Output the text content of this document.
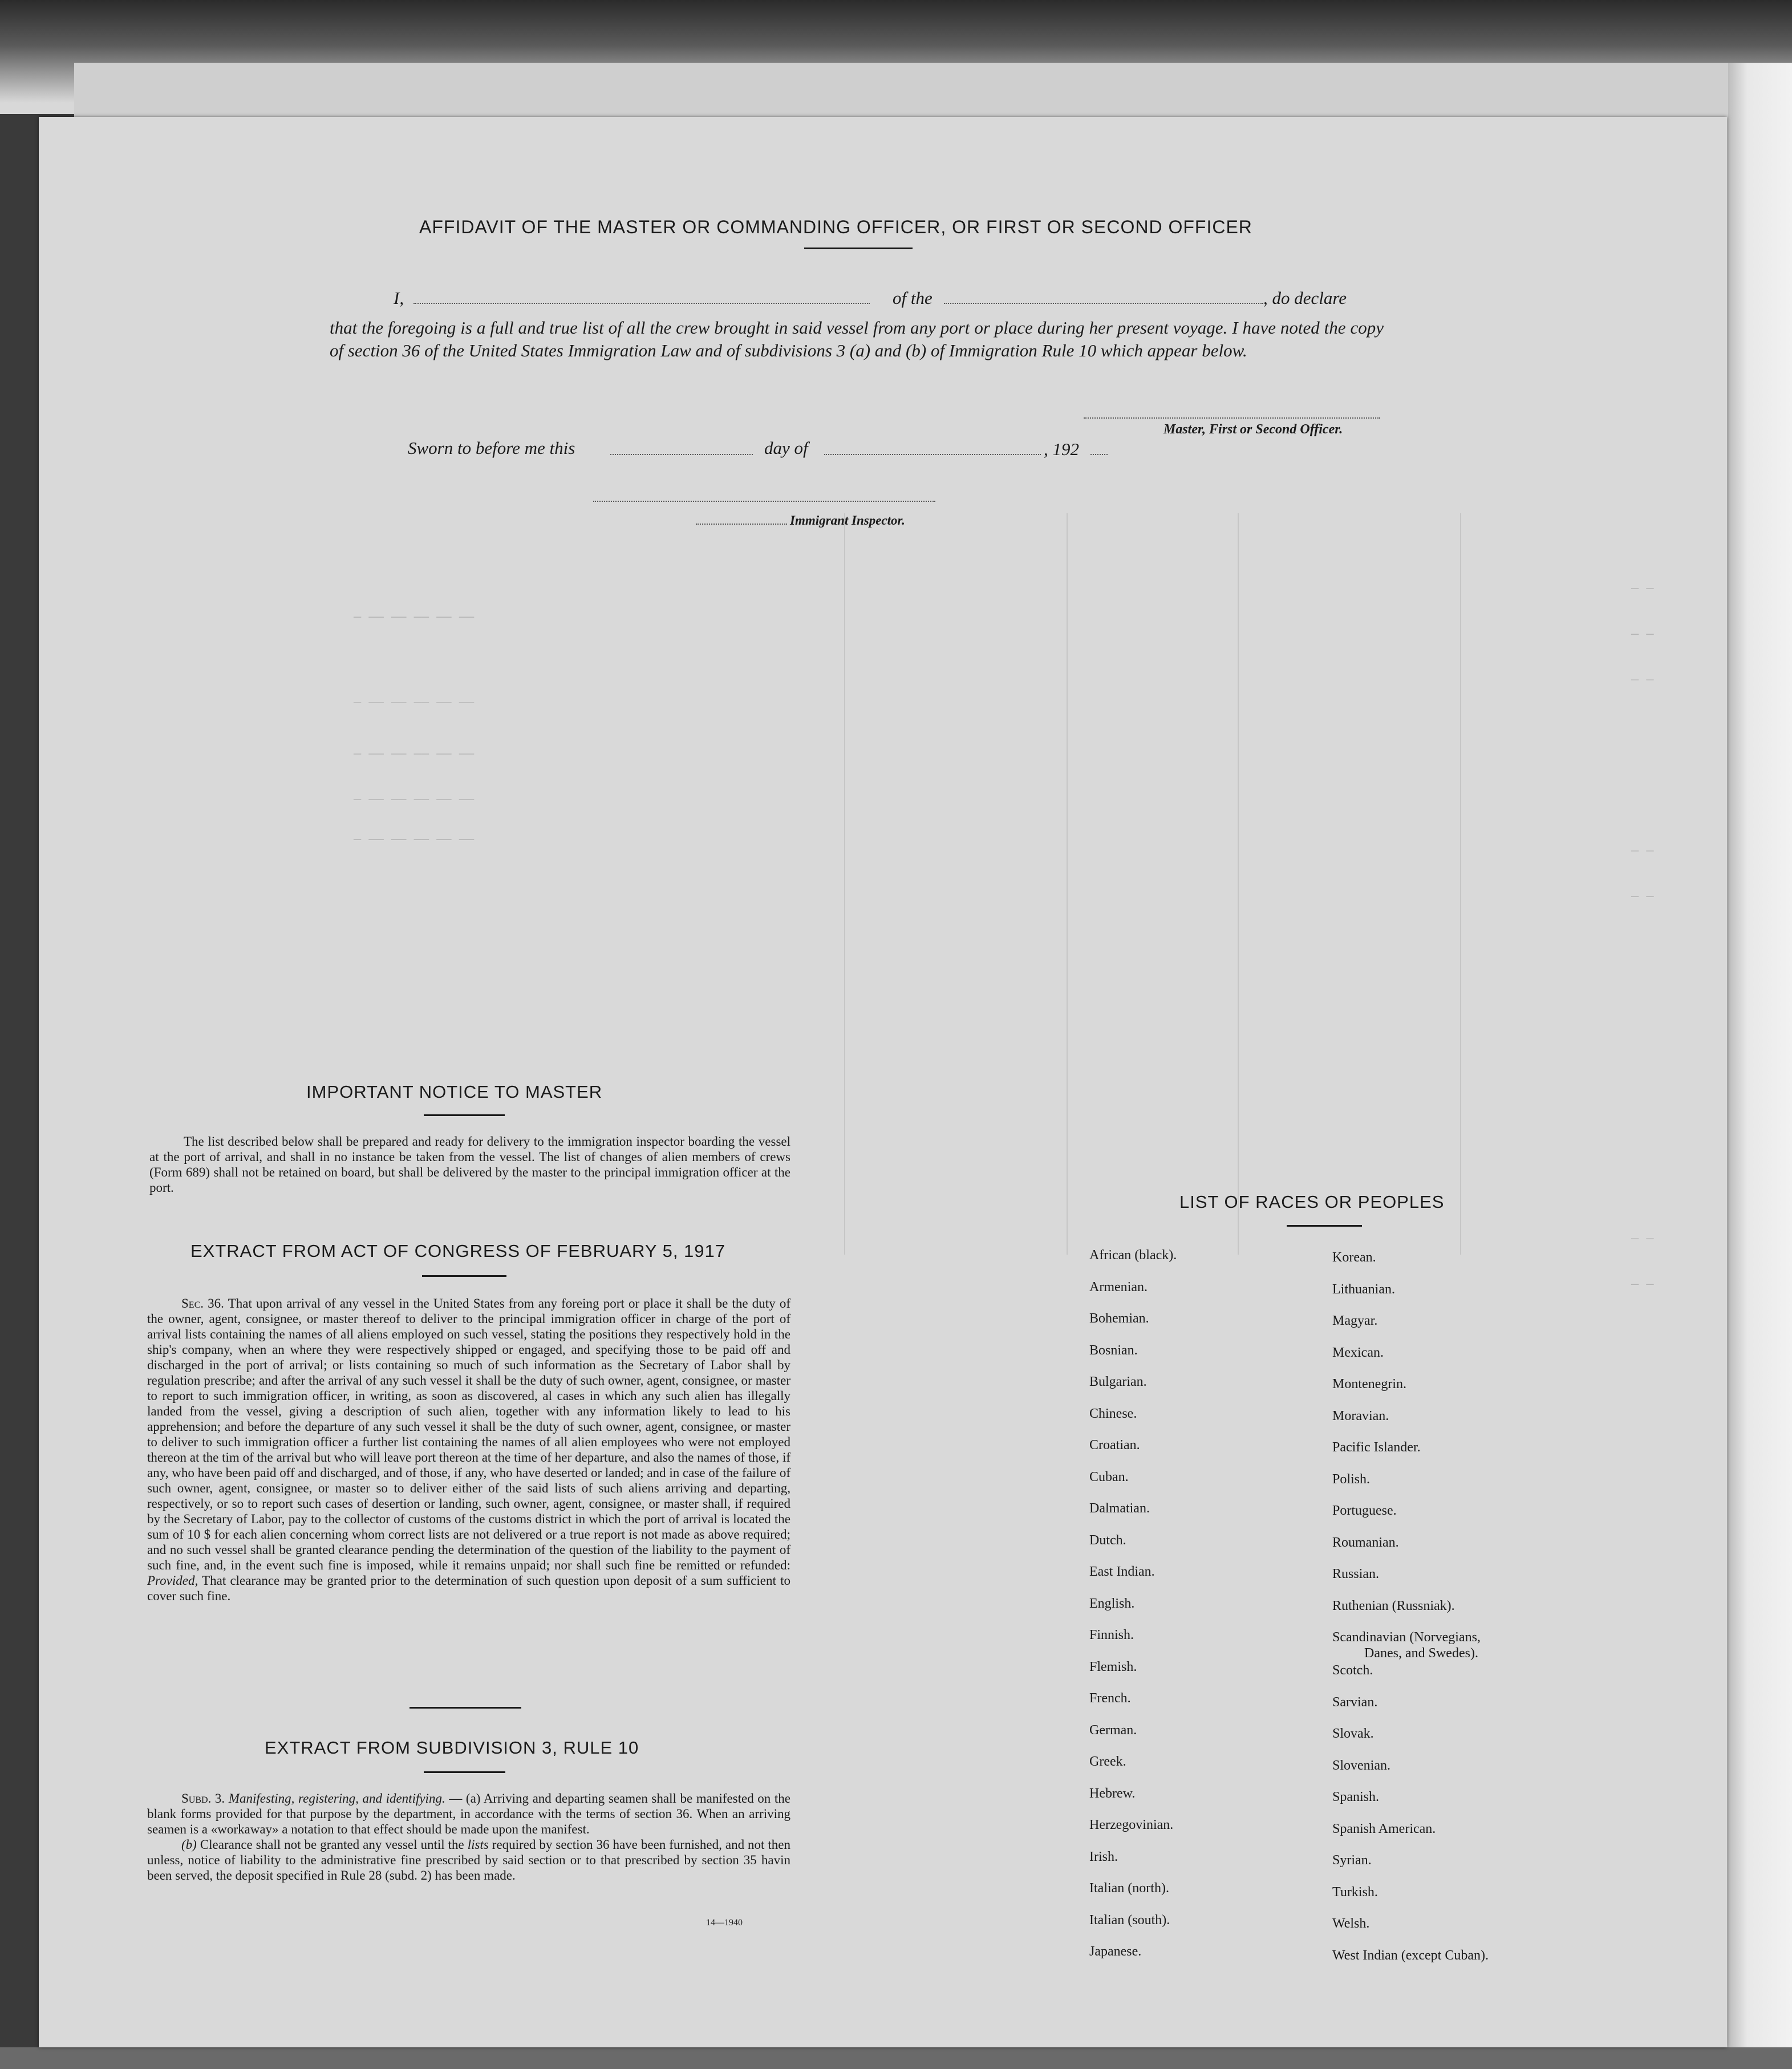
— —— —— —— —— ——
— —— —— —— —— ——
— —— —— —— —— ——
— —— —— —— —— ——
— —— —— —— —— ——
— —
— —
— —
— —
— —
— —
— —
AFFIDAVIT OF THE MASTER OR COMMANDING OFFICER, OR FIRST OR SECOND OFFICER
I,	of the	, do declare
that the foregoing is a full and true list of all the crew brought in said vessel from any port or place during her present voyage. I have noted the copy of section 36 of the United States Immigration Law and of subdivisions 3 (a) and (b) of Immigration Rule 10 which appear below.
Master, First or Second Officer.
Sworn to before me this	day of	, 192
Immigrant Inspector.
IMPORTANT NOTICE TO MASTER
The list described below shall be prepared and ready for delivery to the immigration inspector boarding the vessel at the port of arrival, and shall in no instance be taken from the vessel. The list of changes of alien members of crews (Form 689) shall not be retained on board, but shall be delivered by the master to the principal immigration officer at the port.
EXTRACT FROM ACT OF CONGRESS OF FEBRUARY 5, 1917
Sec. 36. That upon arrival of any vessel in the United States from any foreing port or place it shall be the duty of the owner, agent, consignee, or master thereof to deliver to the principal immigration officer in charge of the port of arrival lists containing the names of all aliens employed on such vessel, stating the positions they respectively hold in the ship's company, when an where they were respectively shipped or engaged, and specifying those to be paid off and discharged in the port of arrival; or lists containing so much of such information as the Secretary of Labor shall by regulation prescribe; and after the arrival of any such vessel it shall be the duty of such owner, agent, consignee, or master to report to such immigration officer, in writing, as soon as discovered, al cases in which any such alien has illegally landed from the vessel, giving a description of such alien, together with any information likely to lead to his apprehension; and before the departure of any such vessel it shall be the duty of such owner, agent, consignee, or master to deliver to such immigration officer a further list containing the names of all alien employees who were not employed thereon at the tim of the arrival but who will leave port thereon at the time of her departure, and also the names of those, if any, who have been paid off and discharged, and of those, if any, who have deserted or landed; and in case of the failure of such owner, agent, consignee, or master so to deliver either of the said lists of such aliens arriving and departing, respectively, or so to report such cases of desertion or landing, such owner, agent, consignee, or master shall, if required by the Secretary of Labor, pay to the collector of customs of the customs district in which the port of arrival is located the sum of 10 $ for each alien concerning whom correct lists are not delivered or a true report is not made as above required; and no such vessel shall be granted clearance pending the determination of the question of the liability to the payment of such fine, and, in the event such fine is imposed, while it remains unpaid; nor shall such fine be remitted or refunded: Provided, That clearance may be granted prior to the determination of such question upon deposit of a sum sufficient to cover such fine.
EXTRACT FROM SUBDIVISION 3, RULE 10
Subd. 3. Manifesting, registering, and identifying. — (a) Arriving and departing seamen shall be manifested on the blank forms provided for that purpose by the department, in accordance with the terms of section 36. When an arriving seamen is a «workaway» a notation to that effect should be made upon the manifest.
(b) Clearance shall not be granted any vessel until the lists required by section 36 have been furnished, and not then unless, notice of liability to the administrative fine prescribed by said section or to that prescribed by section 35 havin been served, the deposit specified in Rule 28 (subd. 2) has been made.
14—1940
LIST OF RACES OR PEOPLES
African (black).
Armenian.
Bohemian.
Bosnian.
Bulgarian.
Chinese.
Croatian.
Cuban.
Dalmatian.
Dutch.
East Indian.
English.
Finnish.
Flemish.
French.
German.
Greek.
Hebrew.
Herzegovinian.
Irish.
Italian (north).
Italian (south).
Japanese.
Korean.
Lithuanian.
Magyar.
Mexican.
Montenegrin.
Moravian.
Pacific Islander.
Polish.
Portuguese.
Roumanian.
Russian.
Ruthenian (Russniak).
Scandinavian (Norvegians,
Danes, and Swedes).
Scotch.
Sarvian.
Slovak.
Slovenian.
Spanish.
Spanish American.
Syrian.
Turkish.
Welsh.
West Indian (except Cuban).
